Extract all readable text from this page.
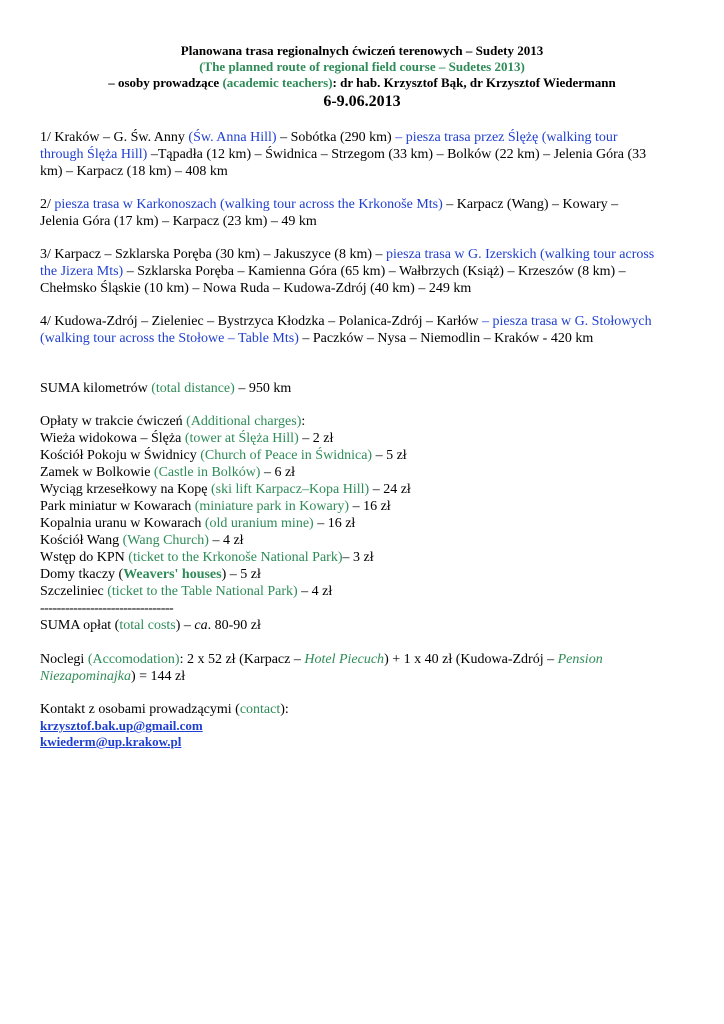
Planowana trasa regionalnych ćwiczeń terenowych – Sudety 2013
(The planned route of regional field course – Sudetes 2013)
– osoby prowadzące (academic teachers): dr hab. Krzysztof Bąk, dr Krzysztof Wiedermann
6-9.06.2013
1/ Kraków – G. Św. Anny (Św. Anna Hill) – Sobótka (290 km) – piesza trasa przez Ślężę (walking tour
through Ślęża Hill) –Tąpadła (12 km) – Świdnica – Strzegom (33 km) – Bolków (22 km) – Jelenia Góra (33
km) – Karpacz (18 km) – 408 km
2/ piesza trasa w Karkonoszach (walking tour across the Krkonoše Mts) – Karpacz (Wang) – Kowary –
Jelenia Góra (17 km) – Karpacz (23 km) – 49 km
3/ Karpacz – Szklarska Poręba (30 km) – Jakuszyce (8 km) – piesza trasa w G. Izerskich (walking tour across
the Jizera Mts) – Szklarska Poręba – Kamienna Góra (65 km) – Wałbrzych (Książ) – Krzeszów (8 km) –
Chełmsko Śląskie (10 km) – Nowa Ruda – Kudowa-Zdrój (40 km) – 249 km
4/ Kudowa-Zdrój – Zieleniec – Bystrzyca Kłodzka – Polanica-Zdrój – Karłów – piesza trasa w G. Stołowych
(walking tour across the Stołowe – Table Mts) – Paczków – Nysa – Niemodlin – Kraków - 420 km
SUMA kilometrów (total distance) – 950 km
Opłaty w trakcie ćwiczeń (Additional charges):
Wieża widokowa – Ślęża (tower at Ślęża Hill) – 2 zł
Kościół Pokoju w Świdnicy (Church of Peace in Świdnica) – 5 zł
Zamek w Bolkowie (Castle in Bolków) – 6 zł
Wyciąg krzesełkowy na Kopę (ski lift Karpacz–Kopa Hill) – 24 zł
Park miniatur w Kowarach (miniature park in Kowary) – 16 zł
Kopalnia uranu w Kowarach (old uranium mine) – 16 zł
Kościół Wang (Wang Church) – 4 zł
Wstęp do KPN (ticket to the Krkonoše National Park)– 3 zł
Domy tkaczy (Weavers' houses) – 5 zł
Szczeliniec (ticket to the Table National Park) – 4 zł
--------------------------------
SUMA opłat (total costs) – ca. 80-90 zł
Noclegi (Accomodation): 2 x 52 zł (Karpacz – Hotel Piecuch) + 1 x 40 zł (Kudowa-Zdrój – Pension
Niezapominajka) = 144 zł
Kontakt z osobami prowadzącymi (contact):
krzysztof.bak.up@gmail.com
kwiederm@up.krakow.pl
